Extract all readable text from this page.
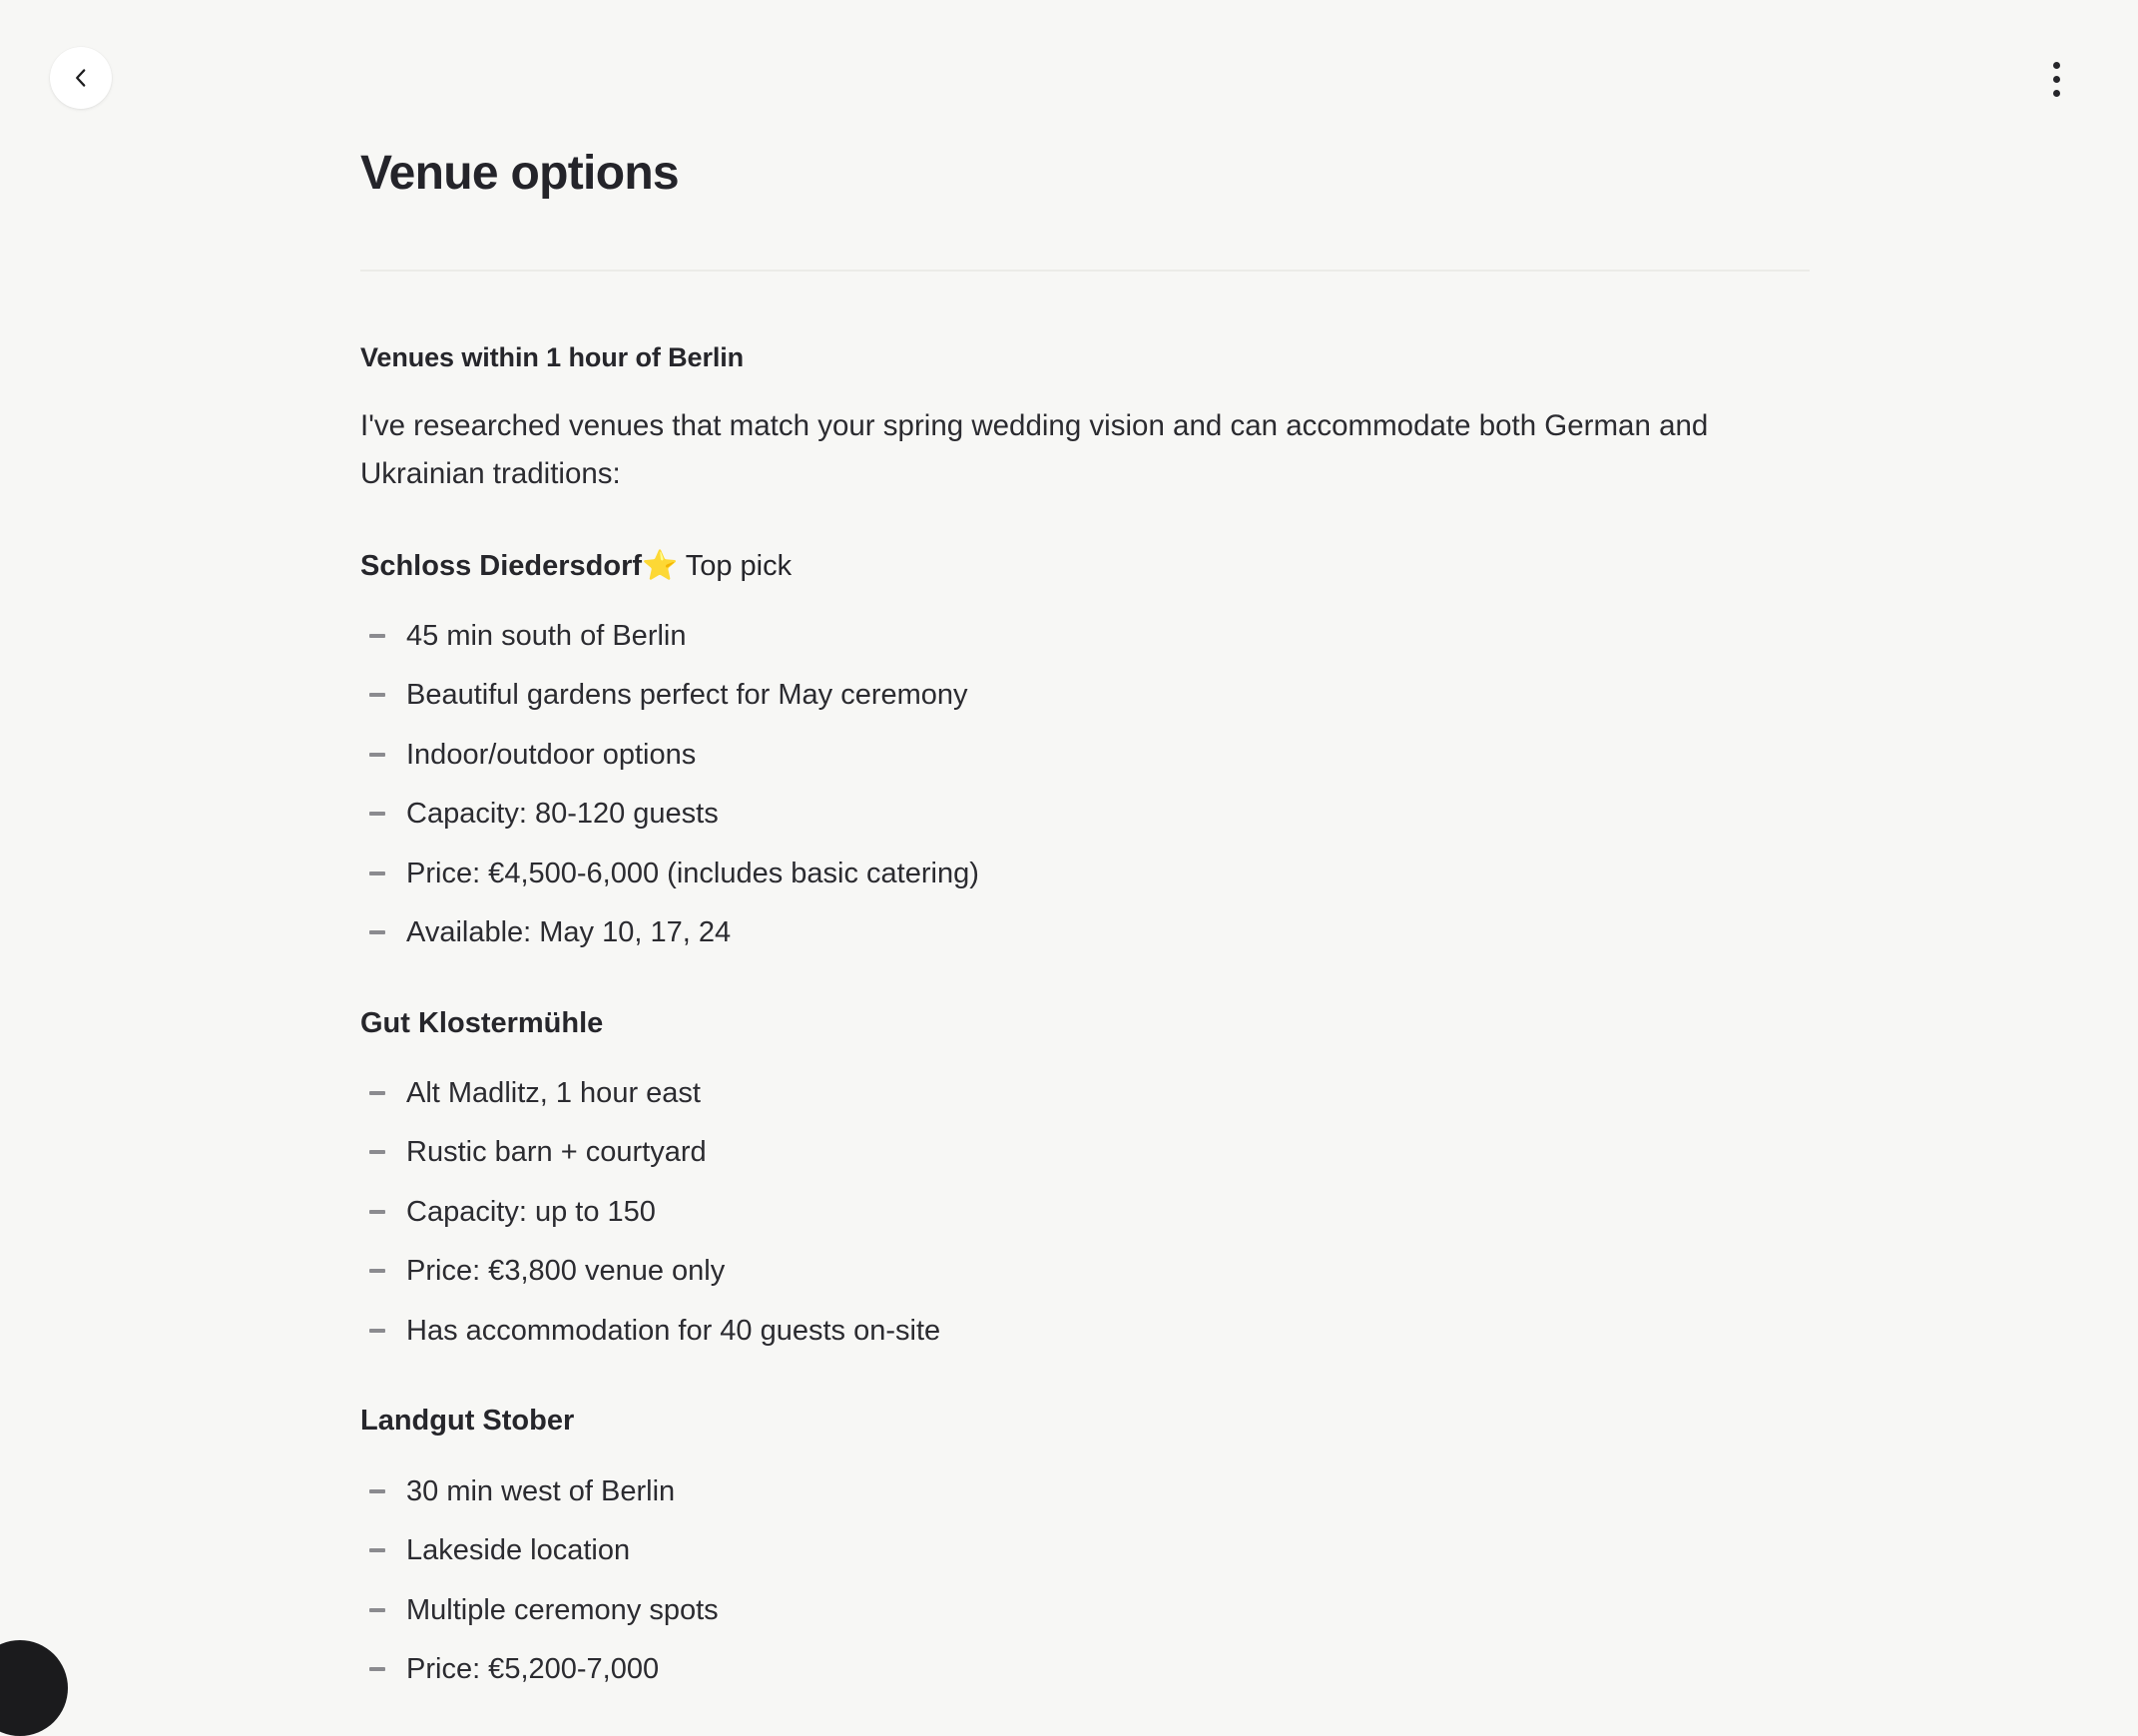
Venue options
Venues within 1 hour of Berlin

I've researched venues that match your spring wedding vision and can accommodate both German and Ukrainian traditions:

Schloss Diedersdorf⭐ Top pick
45 min south of Berlin
Beautiful gardens perfect for May ceremony
Indoor/outdoor options
Capacity: 80-120 guests
Price: €4,500-6,000 (includes basic catering)
Available: May 10, 17, 24
Gut Klostermühle
Alt Madlitz, 1 hour east
Rustic barn + courtyard
Capacity: up to 150
Price: €3,800 venue only
Has accommodation for 40 guests on-site
Landgut Stober
30 min west of Berlin
Lakeside location
Multiple ceremony spots
Price: €5,200-7,000
